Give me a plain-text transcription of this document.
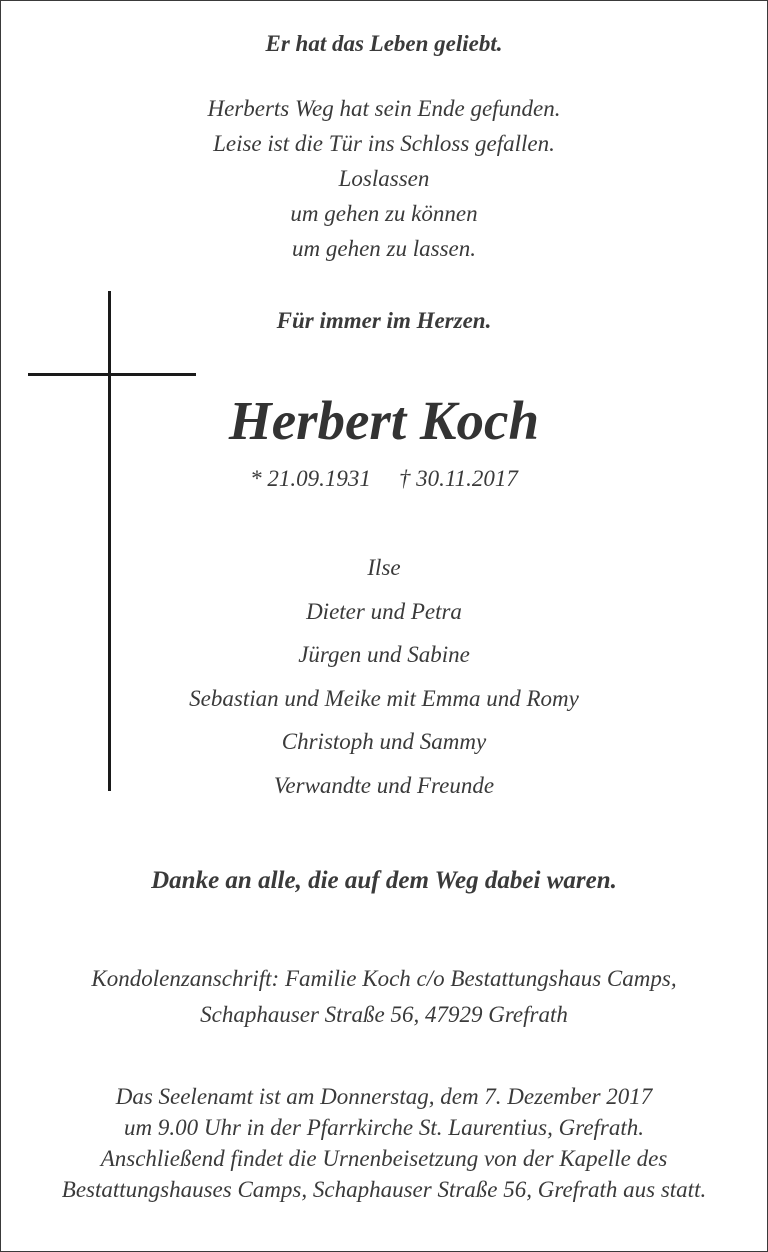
Er hat das Leben geliebt.
Herberts Weg hat sein Ende gefunden.
Leise ist die Tür ins Schloss gefallen.
Loslassen
um gehen zu können
um gehen zu lassen.
Für immer im Herzen.
Herbert Koch
* 21.09.1931 † 30.11.2017
Ilse
Dieter und Petra
Jürgen und Sabine
Sebastian und Meike mit Emma und Romy
Christoph und Sammy
Verwandte und Freunde
Danke an alle, die auf dem Weg dabei waren.
Kondolenzanschrift: Familie Koch c/o Bestattungshaus Camps,
Schaphauser Straße 56, 47929 Grefrath
Das Seelenamt ist am Donnerstag, dem 7. Dezember 2017
um 9.00 Uhr in der Pfarrkirche St. Laurentius, Grefrath.
Anschließend findet die Urnenbeisetzung von der Kapelle des
Bestattungshauses Camps, Schaphauser Straße 56, Grefrath aus statt.
